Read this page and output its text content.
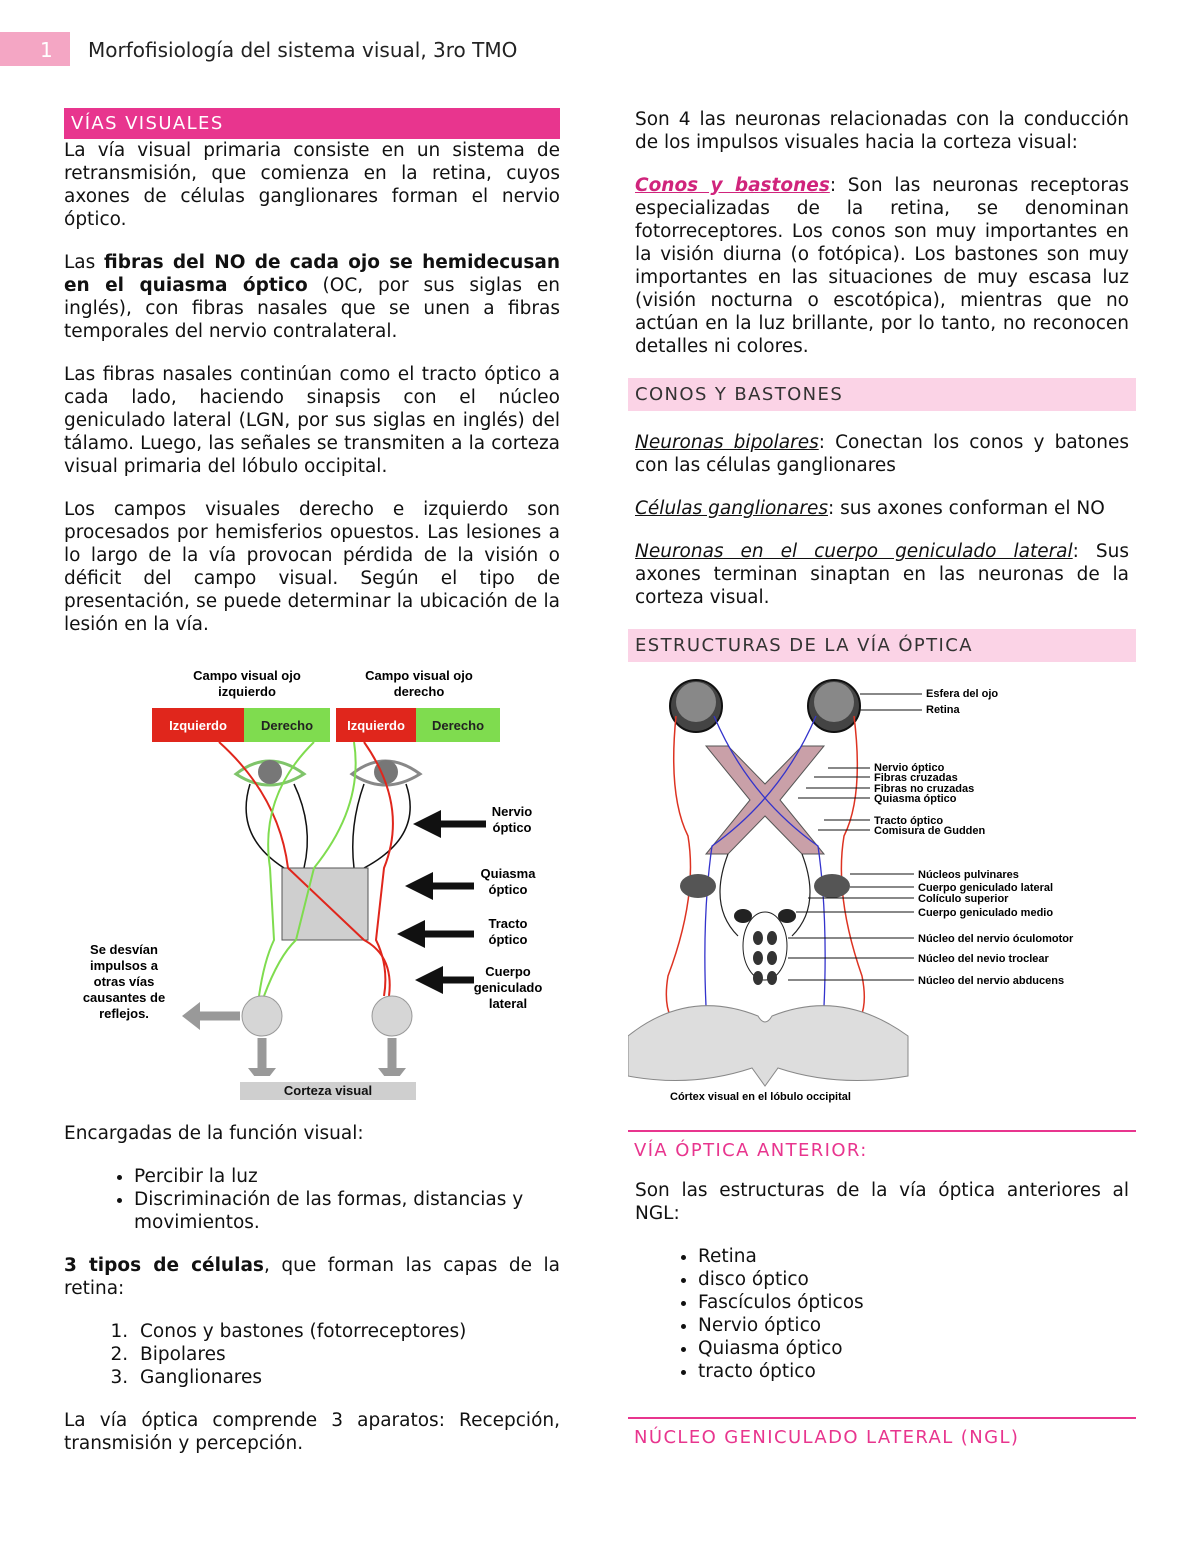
1 Morfofisiología del sistema visual, 3ro TMO
VÍAS VISUALES

La vía visual primaria consiste en un sistema de retransmisión, que comienza en la retina, cuyos axones de células ganglionares forman el nervio óptico.

Las fibras del NO de cada ojo se hemidecusan en el quiasma óptico (OC, por sus siglas en inglés), con fibras nasales que se unen a fibras temporales del nervio contralateral.

Las fibras nasales continúan como el tracto óptico a cada lado, haciendo sinapsis con el núcleo geniculado lateral (LGN, por sus siglas en inglés) del tálamo. Luego, las señales se transmiten a la corteza visual primaria del lóbulo occipital.

Los campos visuales derecho e izquierdo son procesados por hemisferios opuestos. Las lesiones a lo largo de la vía provocan pérdida de la visión o déficit del campo visual. Según el tipo de presentación, se puede determinar la ubicación de la lesión en la vía.

Campo visual ojo izquierdo
Campo visual ojo derecho
Izquierdo	Derecho	Izquierdo Derecho
Nervio óptico
Quiasma óptico
Tracto óptico
Cuerpo geniculado lateral
Se desvían impulsos a otras vías causantes de reflejos.
Corteza visual

Encargadas de la función visual:

• Percibir la luz
• Discriminación de las formas, distancias y movimientos.

3 tipos de células, que forman las capas de la retina:

1. Conos y bastones (fotorreceptores)
2. Bipolares
3. Ganglionares

La vía óptica comprende 3 aparatos: Recepción, transmisión y percepción.

Son 4 las neuronas relacionadas con la conducción de los impulsos visuales hacia la corteza visual:

Conos y bastones: Son las neuronas receptoras especializadas de la retina, se denominan fotorreceptores. Los conos son muy importantes en la visión diurna (o fotópica). Los bastones son muy importantes en las situaciones de muy escasa luz (visión nocturna o escotópica), mientras que no actúan en la luz brillante, por lo tanto, no reconocen detalles ni colores.

CONOS Y BASTONES

Neuronas bipolares: Conectan los conos y batones con las células ganglionares

Células ganglionares: sus axones conforman el NO

Neuronas en el cuerpo geniculado lateral: Sus axones terminan sinaptan en las neuronas de la corteza visual.

ESTRUCTURAS DE LA VÍA ÓPTICA
Esfera del ojo
Retina
Nervio óptico
Fibras cruzadas
Fibras no cruzadas
Quiasma óptico
Tracto óptico
Comisura de Gudden
Núcleos pulvinares
Cuerpo geniculado lateral
Colículo superior
Cuerpo geniculado medio
Núcleo del nervio óculomotor
Núcleo del nevio troclear
Núcleo del nervio abducens
Córtex visual en el lóbulo occipital
VÍA ÓPTICA ANTERIOR:

Son las estructuras de la vía óptica anteriores al NGL:

• Retina
• disco óptico
• Fascículos ópticos
• Nervio óptico
• Quiasma óptico
• tracto óptico
NÚCLEO GENICULADO LATERAL (NGL)
